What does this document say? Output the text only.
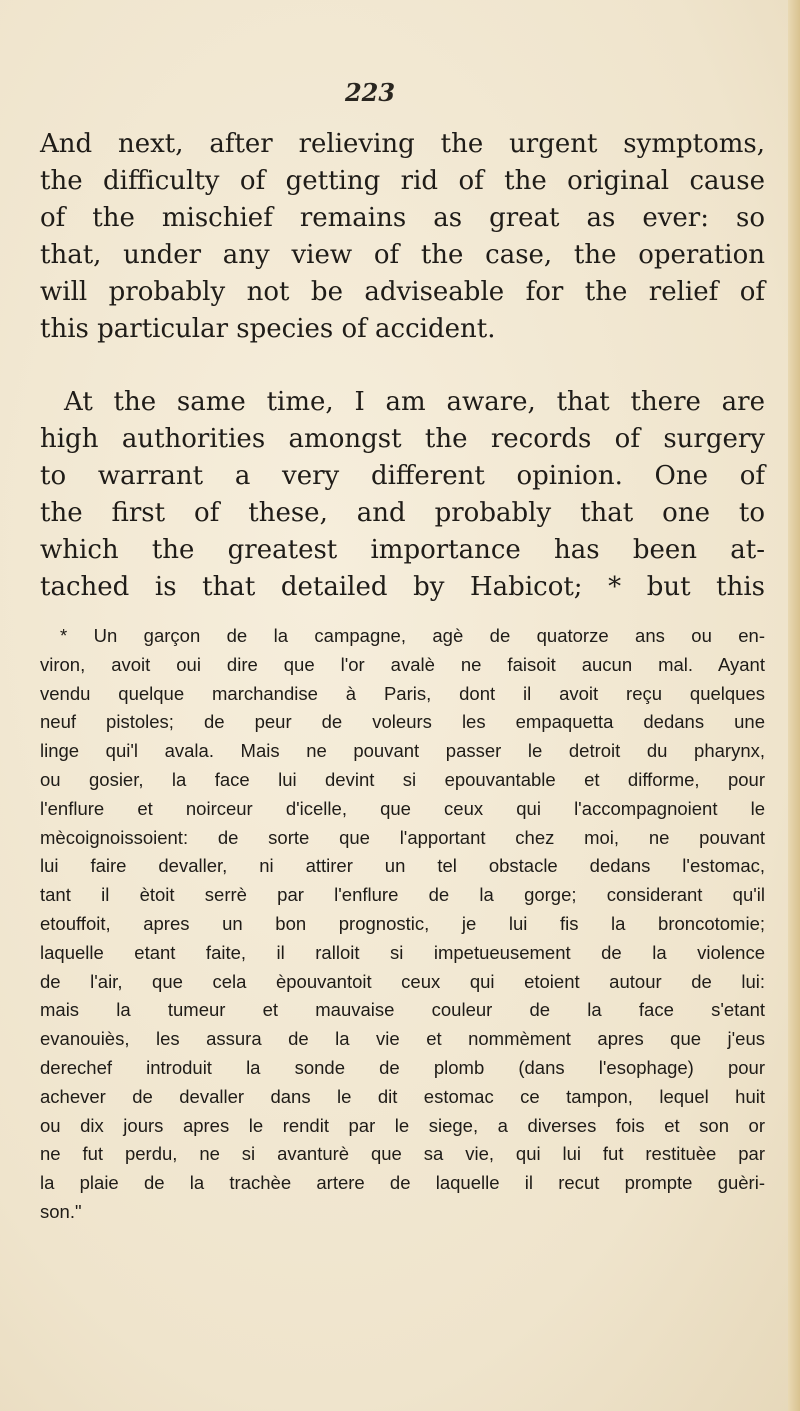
223
And next, after relieving the urgent symptoms,
the difficulty of getting rid of the original cause
of the mischief remains as great as ever: so
that, under any view of the case, the operation
will probably not be adviseable for the relief of
this particular species of accident.
At the same time, I am aware, that there are
high authorities amongst the records of surgery
to warrant a very different opinion. One of
the first of these, and probably that one to
which the greatest importance has been at-
tached is that detailed by Habicot; * but this
* Un garçon de la campagne, agè de quatorze ans ou en-
viron, avoit oui dire que l'or avalè ne faisoit aucun mal. Ayant
vendu quelque marchandise à Paris, dont il avoit reçu quelques
neuf pistoles; de peur de voleurs les empaquetta dedans une
linge qui'l avala. Mais ne pouvant passer le detroit du pharynx,
ou gosier, la face lui devint si epouvantable et difforme, pour
l'enflure et noirceur d'icelle, que ceux qui l'accompagnoient le
mècoignoissoient: de sorte que l'apportant chez moi, ne pouvant
lui faire devaller, ni attirer un tel obstacle dedans l'estomac,
tant il ètoit serrè par l'enflure de la gorge; considerant qu'il
etouffoit, apres un bon prognostic, je lui fis la broncotomie;
laquelle etant faite, il ralloit si impetueusement de la violence
de l'air, que cela èpouvantoit ceux qui etoient autour de lui:
mais la tumeur et mauvaise couleur de la face s'etant
evanouiès, les assura de la vie et nommèment apres que j'eus
derechef introduit la sonde de plomb (dans l'esophage) pour
achever de devaller dans le dit estomac ce tampon, lequel huit
ou dix jours apres le rendit par le siege, a diverses fois et son or
ne fut perdu, ne si avanturè que sa vie, qui lui fut restituèe par
la plaie de la trachèe artere de laquelle il recut prompte guèri-
son."
